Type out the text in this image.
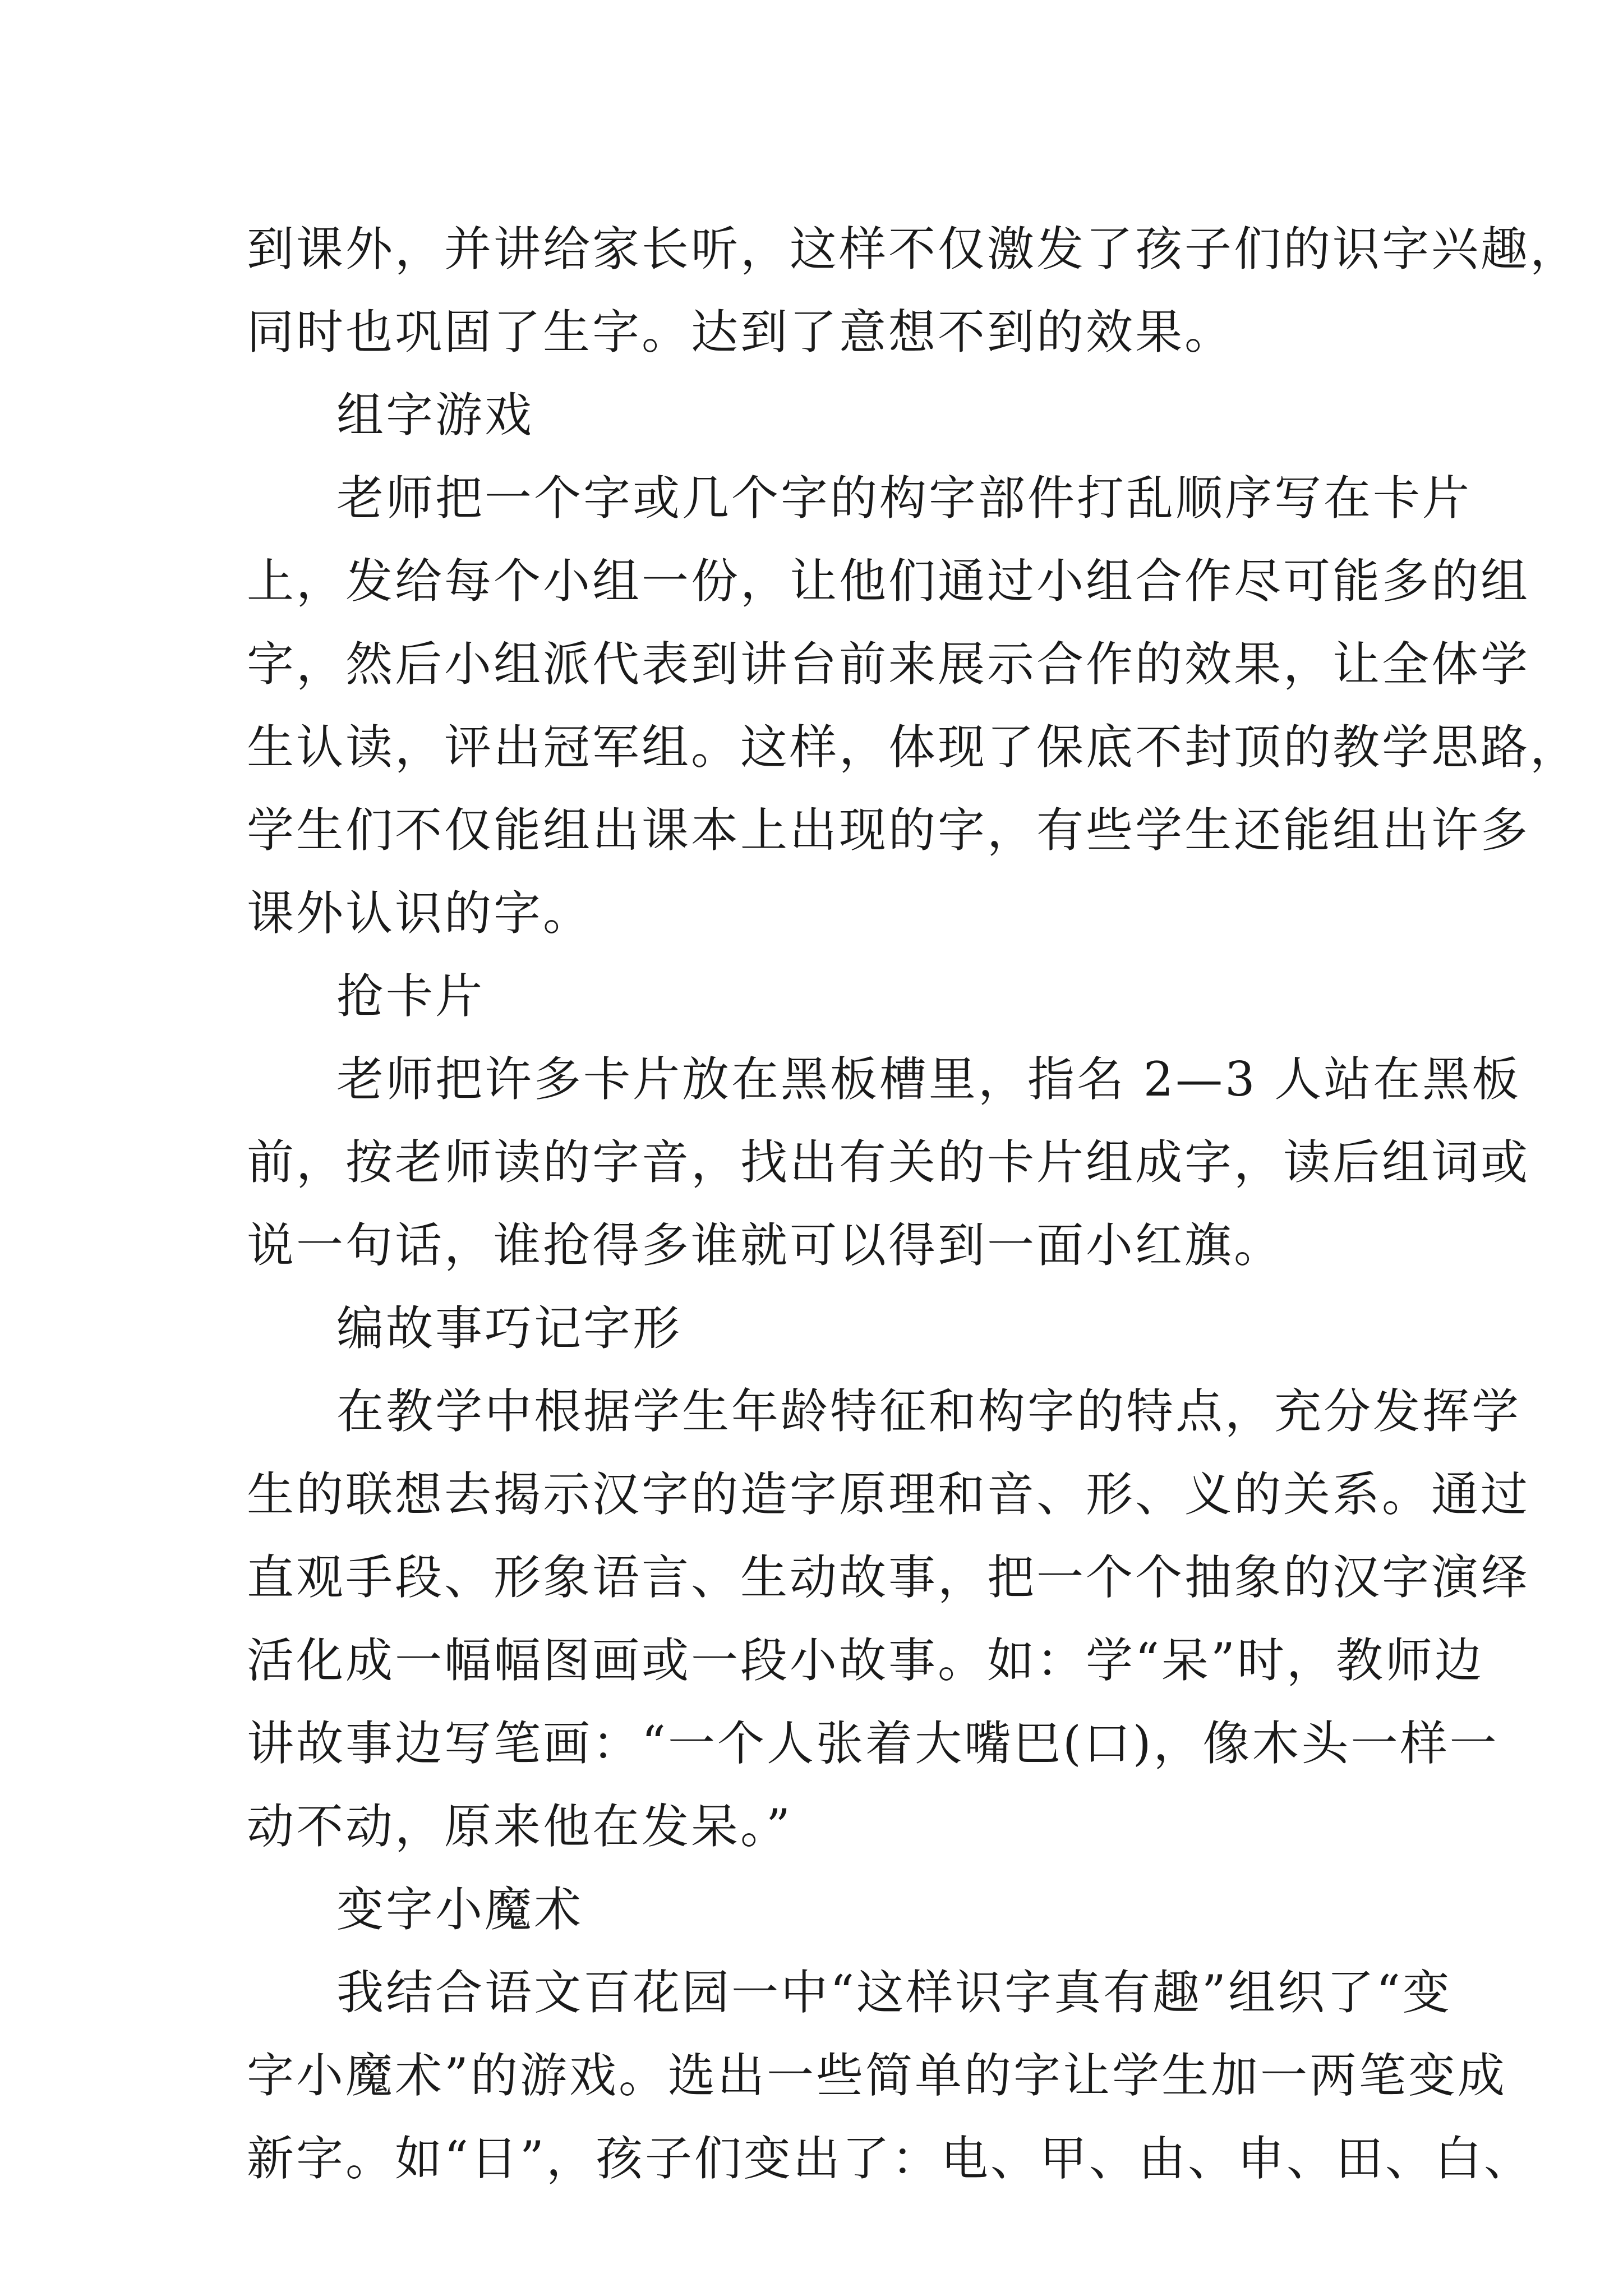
到课外，并讲给家长听，这样不仅激发了孩子们的识字兴趣，
同时也巩固了生字。达到了意想不到的效果。
组字游戏
老师把一个字或几个字的构字部件打乱顺序写在卡片
上，发给每个小组一份，让他们通过小组合作尽可能多的组
字，然后小组派代表到讲台前来展示合作的效果，让全体学
生认读，评出冠军组。这样，体现了保底不封顶的教学思路，
学生们不仅能组出课本上出现的字，有些学生还能组出许多
课外认识的字。
抢卡片
老师把许多卡片放在黑板槽里，指名 2—3 人站在黑板
前，按老师读的字音，找出有关的卡片组成字，读后组词或
说一句话，谁抢得多谁就可以得到一面小红旗。
编故事巧记字形
在教学中根据学生年龄特征和构字的特点，充分发挥学
生的联想去揭示汉字的造字原理和音、形、义的关系。通过
直观手段、形象语言、生动故事，把一个个抽象的汉字演绎
活化成一幅幅图画或一段小故事。如：学“呆”时，教师边
讲故事边写笔画：“一个人张着大嘴巴(口)，像木头一样一
动不动，原来他在发呆。”
变字小魔术
我结合语文百花园一中“这样识字真有趣”组织了“变
字小魔术”的游戏。选出一些简单的字让学生加一两笔变成
新字。如“日”，孩子们变出了：电、甲、由、申、田、白、
